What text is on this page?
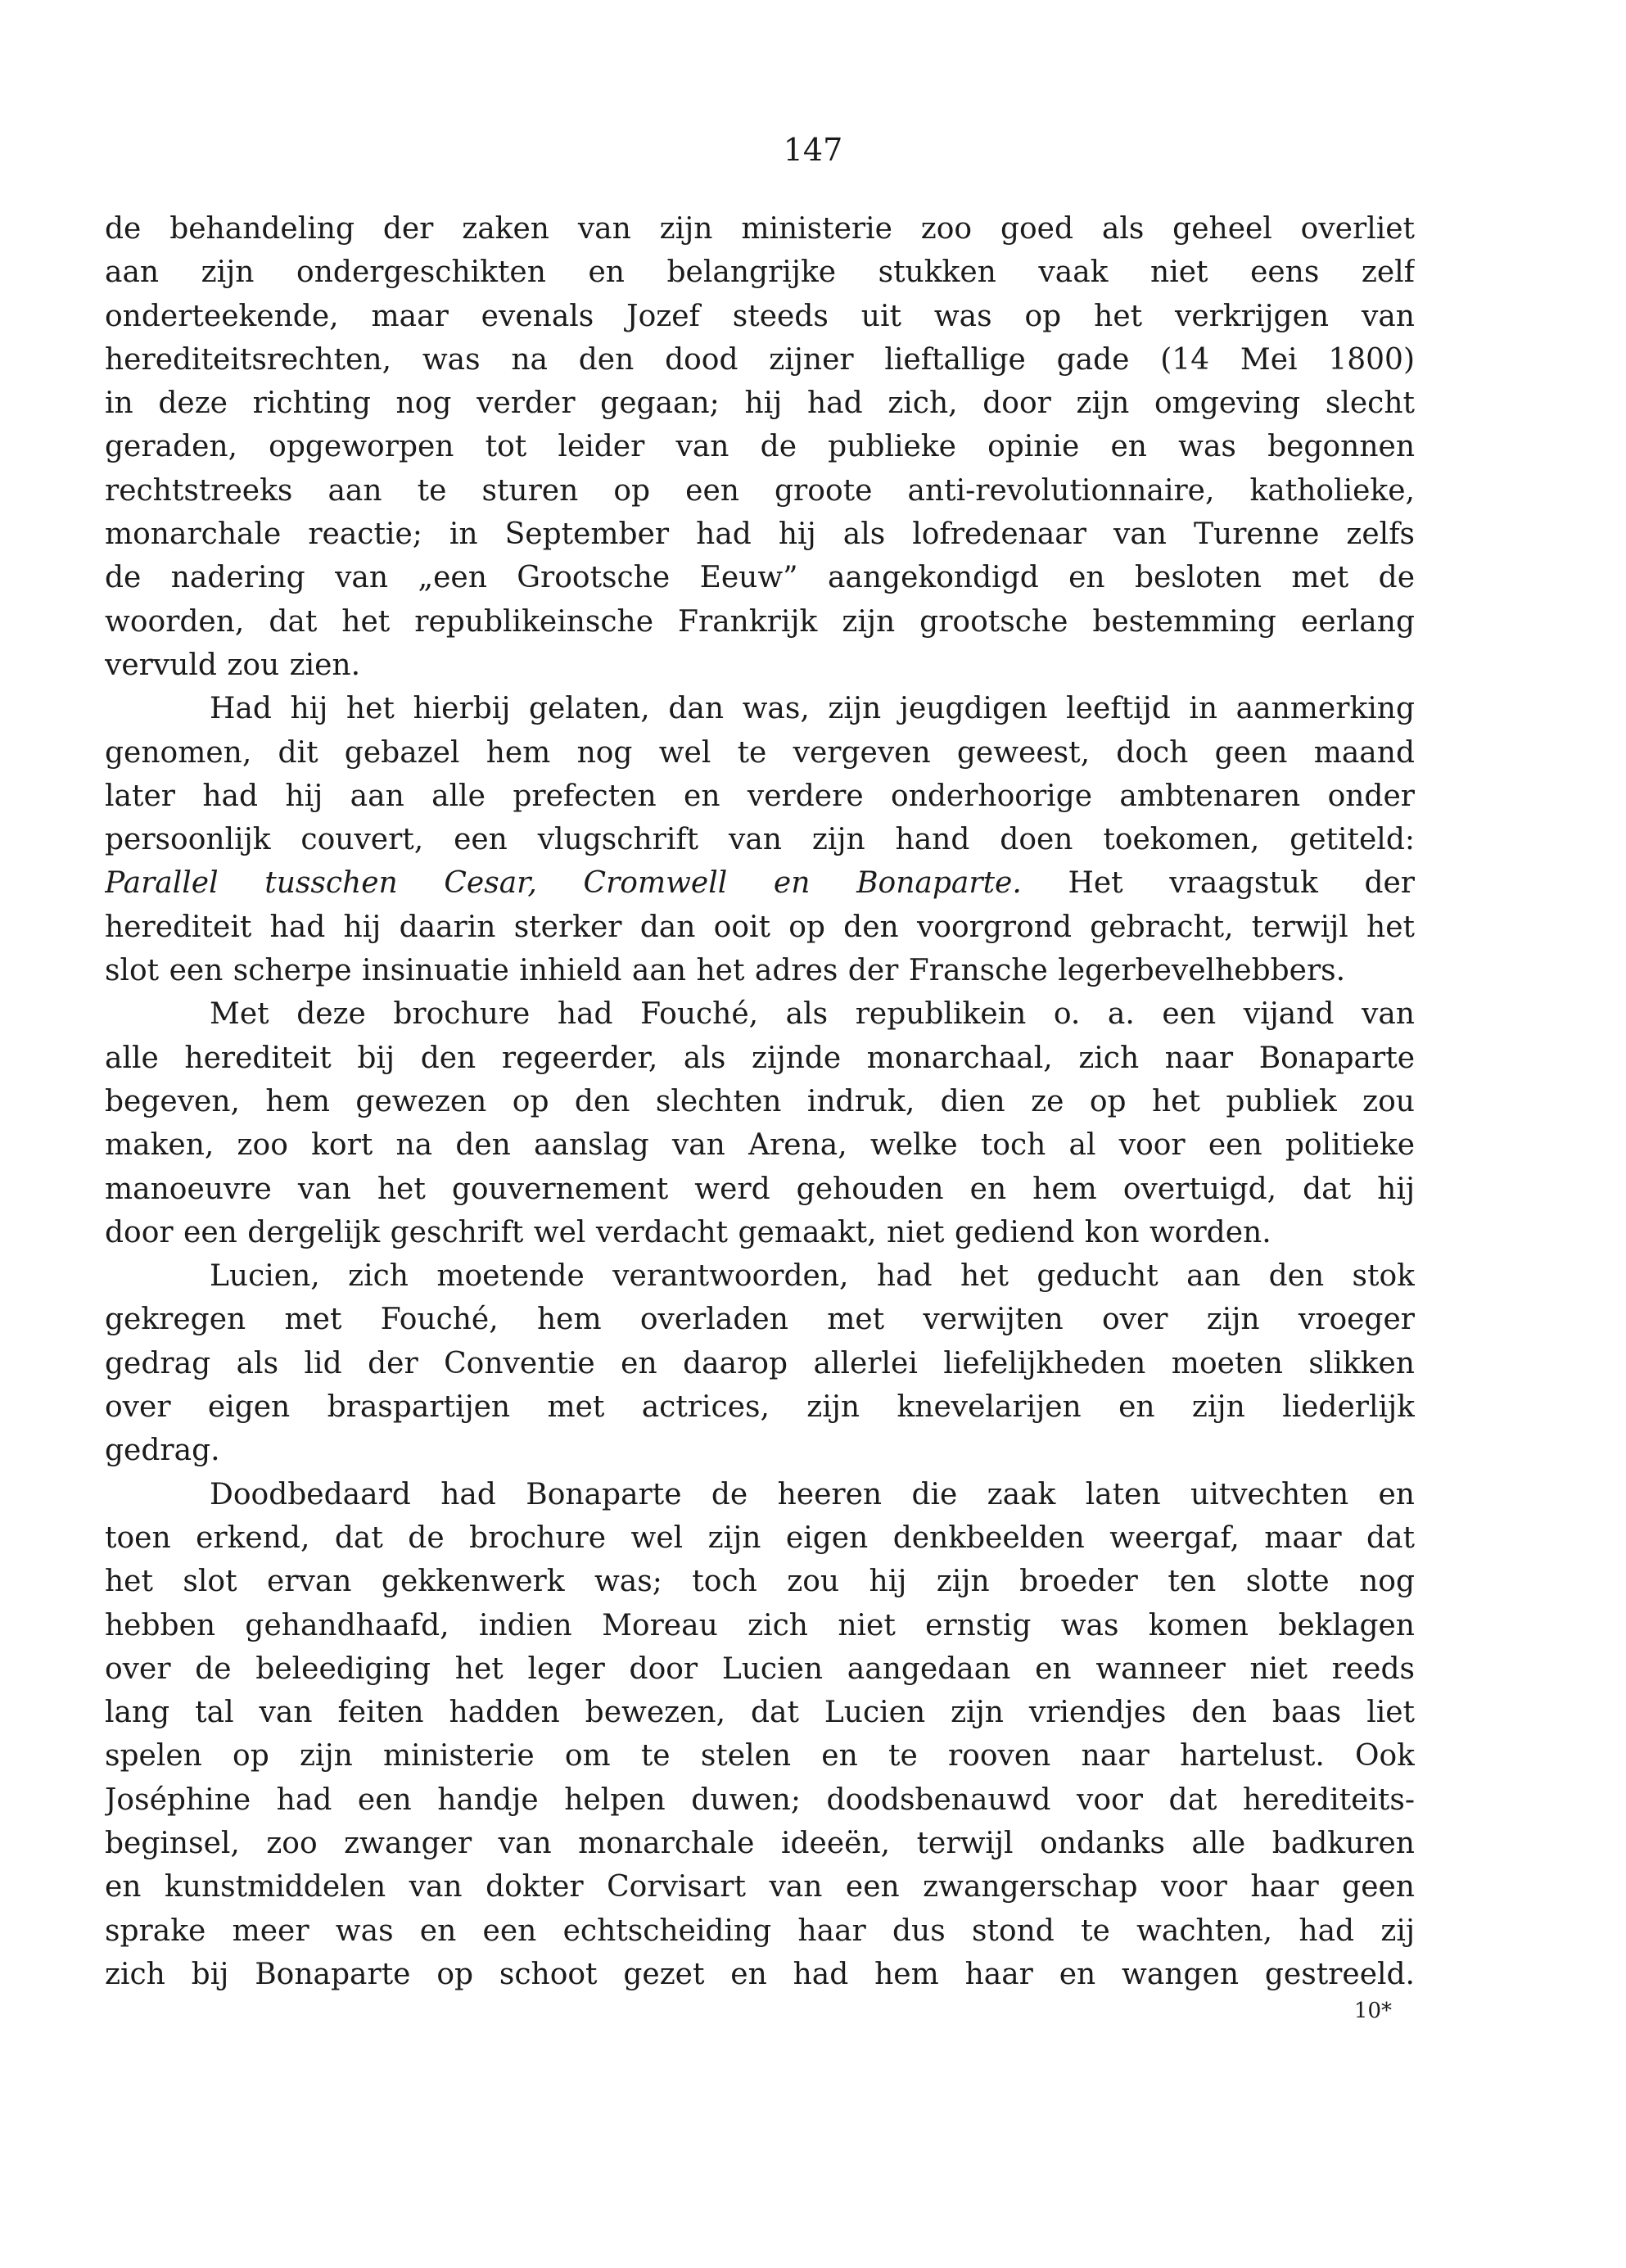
147

de behandeling der zaken van zijn ministerie zoo goed als geheel overliet
aan zijn ondergeschikten en belangrijke stukken vaak niet eens zelf
onderteekende, maar evenals Jozef steeds uit was op het verkrijgen van
herediteitsrechten, was na den dood zijner lieftallige gade (14 Mei 1800)
in deze richting nog verder gegaan; hij had zich, door zijn omgeving slecht
geraden, opgeworpen tot leider van de publieke opinie en was begonnen
rechtstreeks aan te sturen op een groote anti-revolutionnaire, katholieke,
monarchale reactie; in September had hij als lofredenaar van Turenne zelfs
de nadering van „een Grootsche Eeuw” aangekondigd en besloten met de
woorden, dat het republikeinsche Frankrijk zijn grootsche bestemming eerlang
vervuld zou zien.

Had hij het hierbij gelaten, dan was, zijn jeugdigen leeftijd in aanmerking
genomen, dit gebazel hem nog wel te vergeven geweest, doch geen maand
later had hij aan alle prefecten en verdere onderhoorige ambtenaren onder
persoonlijk couvert, een vlugschrift van zijn hand doen toekomen, getiteld:
Parallel tusschen Cesar, Cromwell en Bonaparte. Het vraagstuk der
herediteit had hij daarin sterker dan ooit op den voorgrond gebracht, terwijl het
slot een scherpe insinuatie inhield aan het adres der Fransche legerbevelhebbers.

Met deze brochure had Fouché, als republikein o. a. een vijand van
alle herediteit bij den regeerder, als zijnde monarchaal, zich naar Bonaparte
begeven, hem gewezen op den slechten indruk, dien ze op het publiek zou
maken, zoo kort na den aanslag van Arena, welke toch al voor een politieke
manoeuvre van het gouvernement werd gehouden en hem overtuigd, dat hij
door een dergelijk geschrift wel verdacht gemaakt, niet gediend kon worden.

Lucien, zich moetende verantwoorden, had het geducht aan den stok
gekregen met Fouché, hem overladen met verwijten over zijn vroeger
gedrag als lid der Conventie en daarop allerlei liefelijkheden moeten slikken
over eigen braspartijen met actrices, zijn knevelarijen en zijn liederlijk
gedrag.

Doodbedaard had Bonaparte de heeren die zaak laten uitvechten en
toen erkend, dat de brochure wel zijn eigen denkbeelden weergaf, maar dat
het slot ervan gekkenwerk was; toch zou hij zijn broeder ten slotte nog
hebben gehandhaafd, indien Moreau zich niet ernstig was komen beklagen
over de beleediging het leger door Lucien aangedaan en wanneer niet reeds
lang tal van feiten hadden bewezen, dat Lucien zijn vriendjes den baas liet
spelen op zijn ministerie om te stelen en te rooven naar hartelust. Ook
Joséphine had een handje helpen duwen; doodsbenauwd voor dat herediteits-
beginsel, zoo zwanger van monarchale ideeën, terwijl ondanks alle badkuren
en kunstmiddelen van dokter Corvisart van een zwangerschap voor haar geen
sprake meer was en een echtscheiding haar dus stond te wachten, had zij
zich bij Bonaparte op schoot gezet en had hem haar en wangen gestreeld.

10*
